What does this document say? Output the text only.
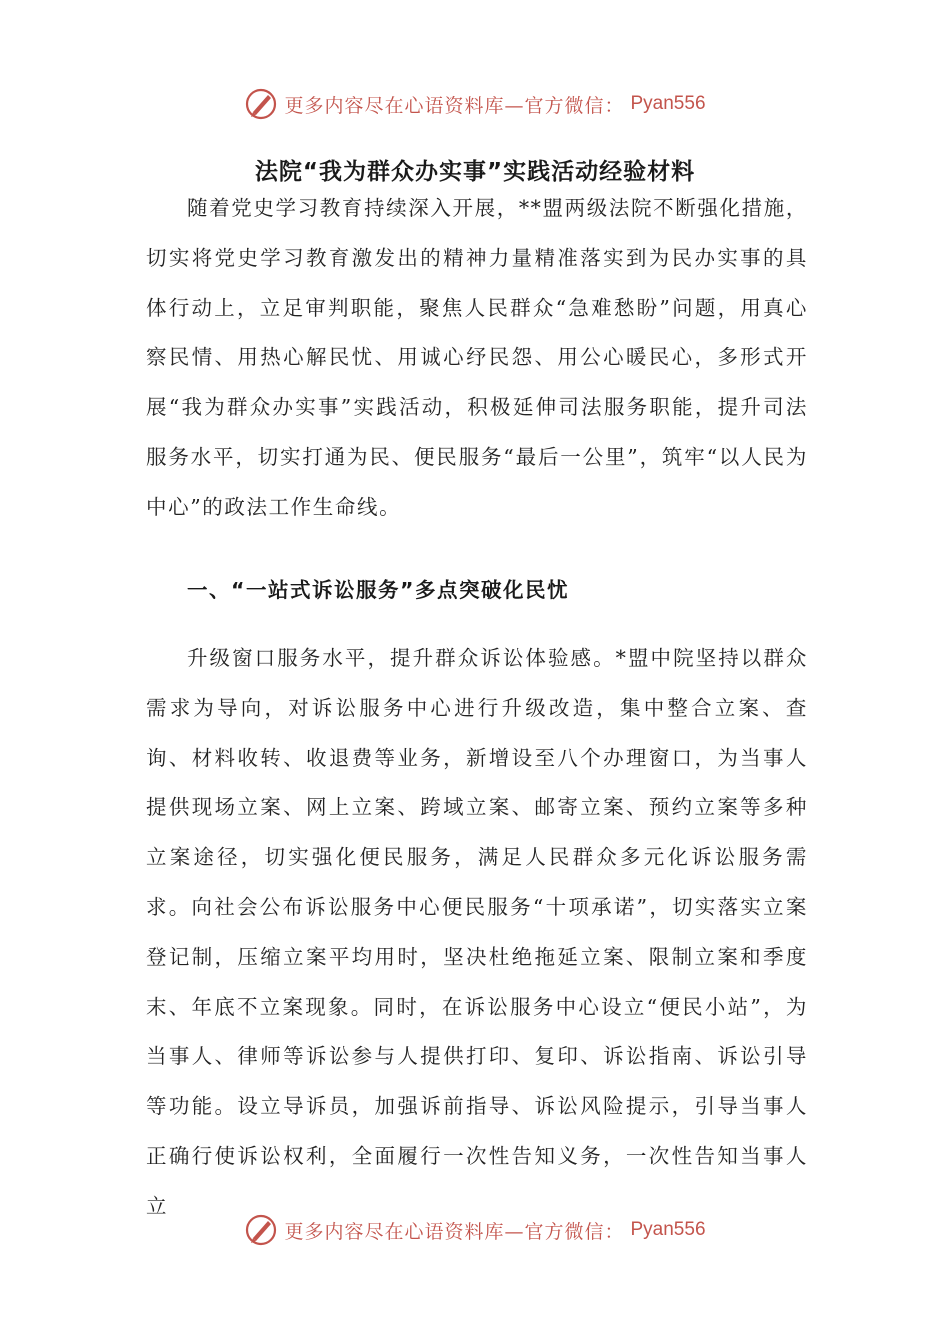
更多内容尽在心语资料库—官方微信： Pyan556
法院“我为群众办实事”实践活动经验材料

随着党史学习教育持续深入开展，**盟两级法院不断强化措施，切实将党史学习教育激发出的精神力量精准落实到为民办实事的具体行动上，立足审判职能，聚焦人民群众“急难愁盼”问题，用真心察民情、用热心解民忧、用诚心纾民怨、用公心暖民心，多形式开展“我为群众办实事”实践活动，积极延伸司法服务职能，提升司法服务水平，切实打通为民、便民服务“最后一公里”，筑牢“以人民为中心”的政法工作生命线。

一、“一站式诉讼服务”多点突破化民忧

升级窗口服务水平，提升群众诉讼体验感。*盟中院坚持以群众需求为导向，对诉讼服务中心进行升级改造，集中整合立案、查询、材料收转、收退费等业务，新增设至八个办理窗口，为当事人提供现场立案、网上立案、跨域立案、邮寄立案、预约立案等多种立案途径，切实强化便民服务，满足人民群众多元化诉讼服务需求。向社会公布诉讼服务中心便民服务“十项承诺”，切实落实立案登记制，压缩立案平均用时，坚决杜绝拖延立案、限制立案和季度末、年底不立案现象。同时，在诉讼服务中心设立“便民小站”，为当事人、律师等诉讼参与人提供打印、复印、诉讼指南、诉讼引导等功能。设立导诉员，加强诉前指导、诉讼风险提示，引导当事人正确行使诉讼权利，全面履行一次性告知义务，一次性告知当事人立

更多内容尽在心语资料库—官方微信： Pyan556
